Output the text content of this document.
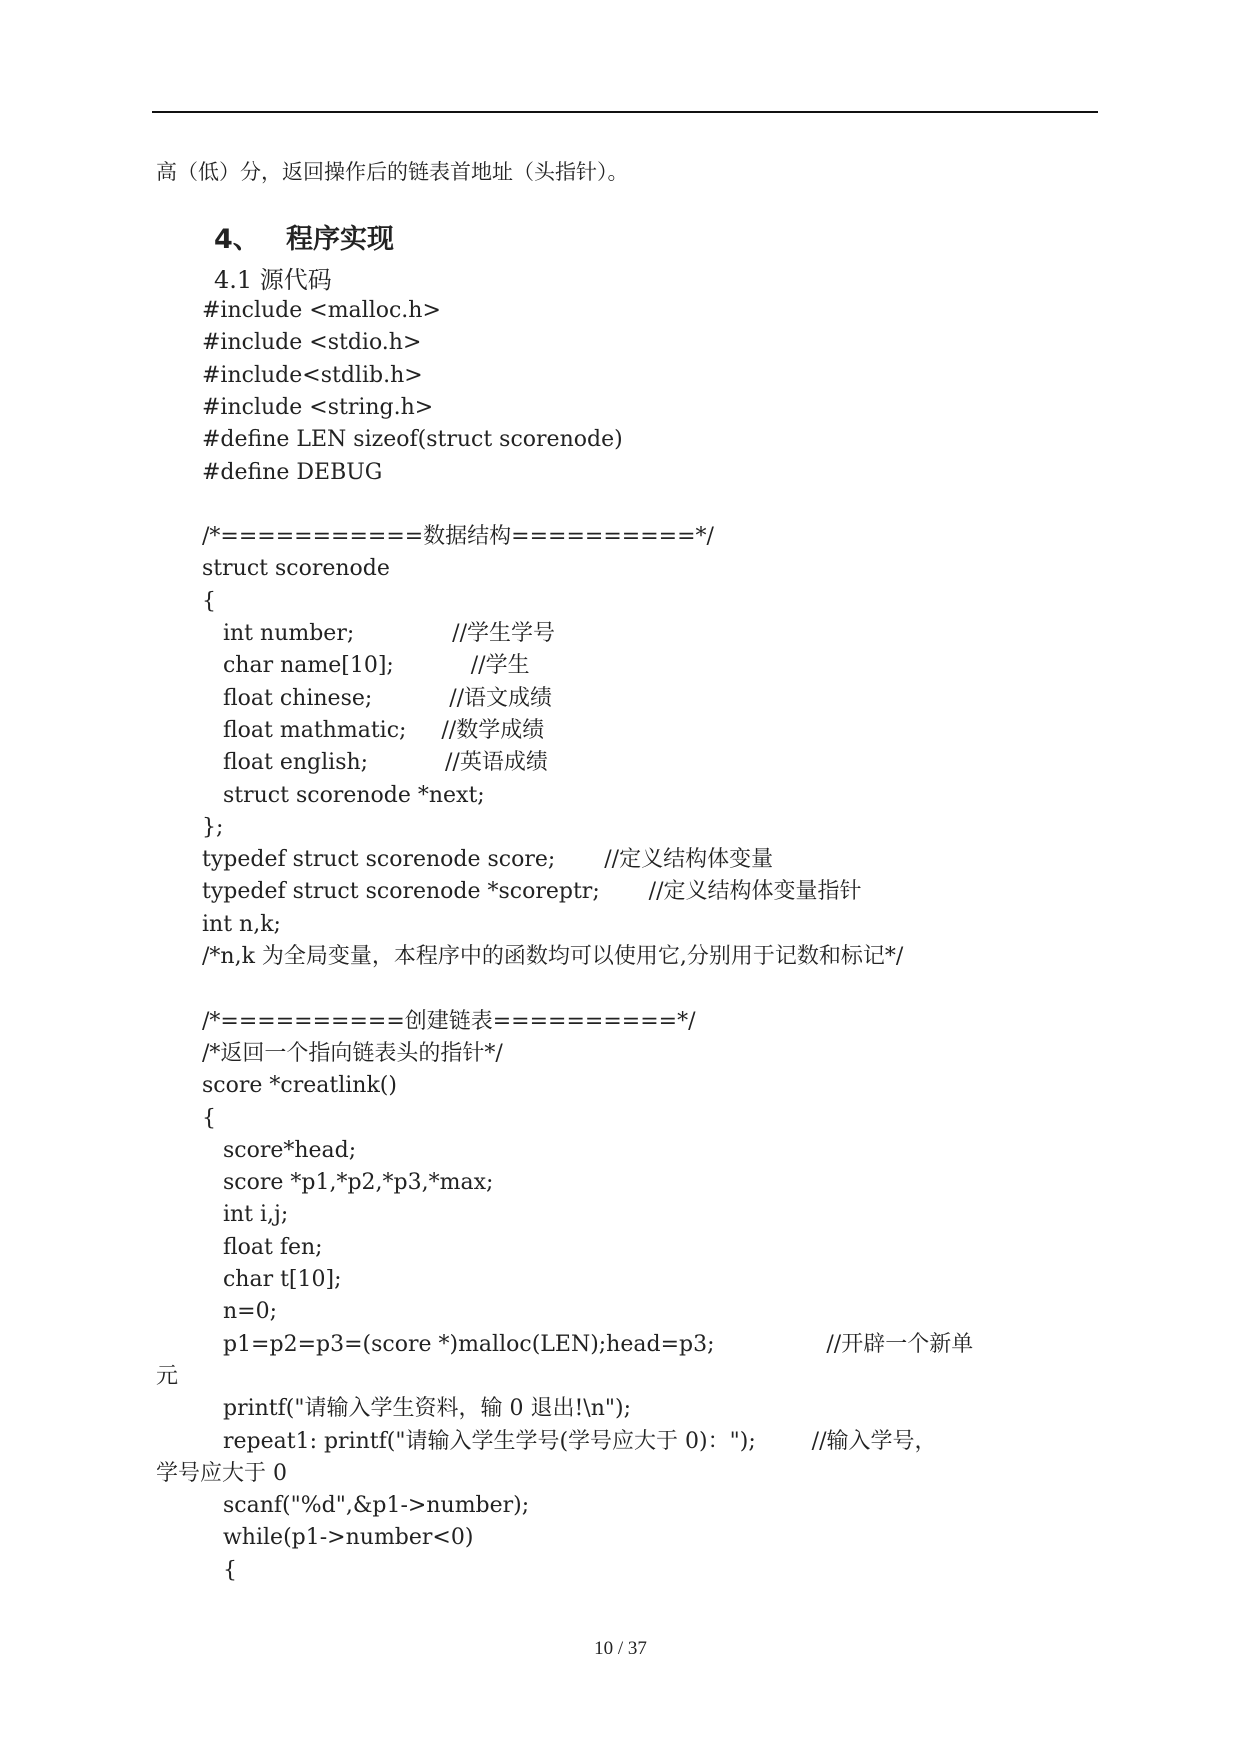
高（低）分，返回操作后的链表首地址（头指针）。

4、 程序实现

4.1 源代码

#include <malloc.h>
#include <stdio.h>
#include<stdlib.h>
#include <string.h>
#define LEN sizeof(struct scorenode)
#define DEBUG
/*===========数据结构==========*/
struct scorenode
{
int number;              //学生学号
char name[10];           //学生
float chinese;           //语文成绩
float mathmatic;     //数学成绩
float english;           //英语成绩
struct scorenode *next;
};
typedef struct scorenode score;       //定义结构体变量
typedef struct scorenode *scoreptr;       //定义结构体变量指针
int n,k;
/*n,k 为全局变量，本程序中的函数均可以使用它,分别用于记数和标记*/
/*==========创建链表==========*/
/*返回一个指向链表头的指针*/
score *creatlink()
{
score*head;
score *p1,*p2,*p3,*max;
int i,j;
float fen;
char t[10];
n=0;
p1=p2=p3=(score *)malloc(LEN);head=p3;                //开辟一个新单
元
printf("请输入学生资料，输 0 退出!\n");
repeat1: printf("请输入学生学号(学号应大于 0)：");        //输入学号，
学号应大于 0
scanf("%d",&p1->number);
while(p1->number<0)
{
10 / 37
